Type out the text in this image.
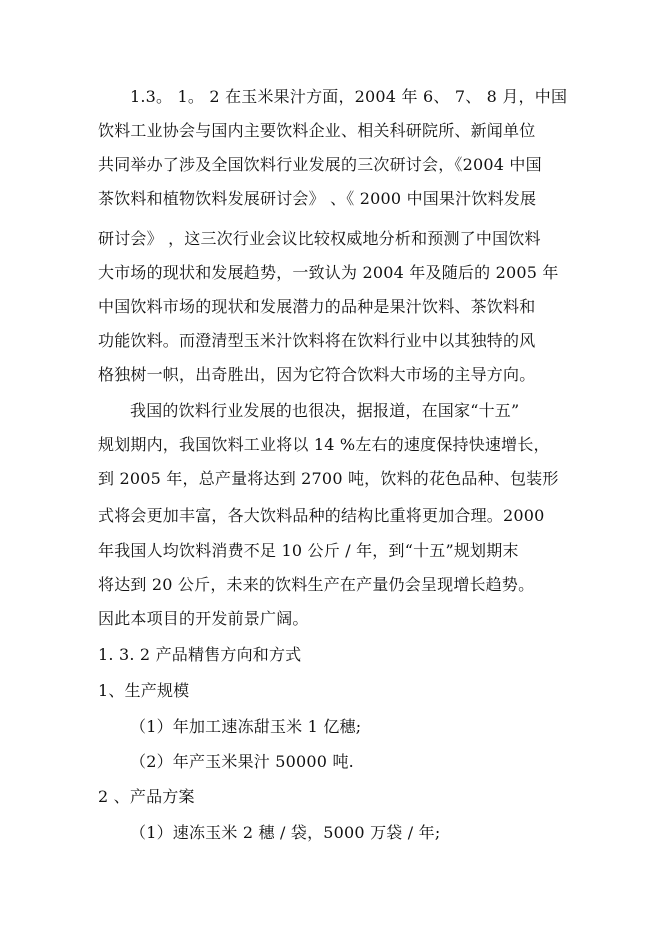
1.3。 1。 2 在玉米果汁方面，2004 年 6、 7、 8 月，中国
饮料工业协会与国内主要饮料企业、相关科研院所、新闻单位
共同举办了涉及全国饮料行业发展的三次研讨会，《2004 中国
茶饮料和植物饮料发展研讨会》 、《 2000 中国果汁饮料发展
研讨会》 ，这三次行业会议比较权威地分析和预测了中国饮料
大市场的现状和发展趋势，一致认为 2004 年及随后的 2005 年
中国饮料市场的现状和发展潜力的品种是果汁饮料、茶饮料和
功能饮料。而澄清型玉米汁饮料将在饮料行业中以其独特的风
格独树一帜，出奇胜出，因为它符合饮料大市场的主导方向。
我国的饮料行业发展的也很决，据报道，在国家“十五”
规划期内，我国饮料工业将以 14 %左右的速度保持快速增长，
到 2005 年，总产量将达到 2700 吨，饮料的花色品种、包装形
式将会更加丰富，各大饮料品种的结构比重将更加合理。2000
年我国人均饮料消费不足 10 公斤 / 年，到“十五”规划期末
将达到 20 公斤，未来的饮料生产在产量仍会呈现增长趋势。
因此本项目的开发前景广阔。
1. 3. 2 产品精售方向和方式
1、生产规模
（1）年加工速冻甜玉米 1 亿穗;
（2）年产玉米果汁 50000 吨.
2 、产品方案
（1）速冻玉米 2 穗 / 袋，5000 万袋 / 年;
